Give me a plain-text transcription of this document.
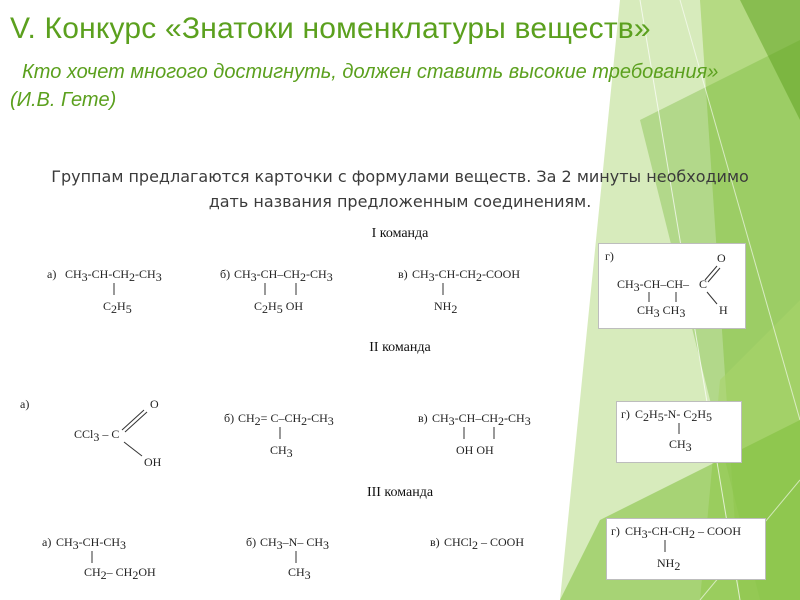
V. Конкурс «Знатоки номенклатуры веществ»

Кто хочет многого достигнуть, должен ставить высокие требования» (И.В. Гете)

Группам предлагаются карточки с формулами веществ. За 2 минуты необходимо дать названия предложенным соединениям.

I команда
а) CH3-CH-CH2-CH3
C2H5
б) CH3-CH–CH2-CH3
C2H5 OH
в) CH3-CH-CH2-COOH
NH2
г)
CH3-CH–CH– C
O
H
CH3 CH3
II команда
а)
CCl3 – C
O
OH
б) CH2= C–CH2-CH3
CH3
в) CH3-CH–CH2-CH3
OH OH
г) C2H5-N- C2H5
CH3
III команда
а) CH3-CH-CH3
CH2– CH2OH
б) CH3–N– CH3
CH3
в) CHCl2 – COOH
г) CH3-CH-CH2 – COOH
NH2
